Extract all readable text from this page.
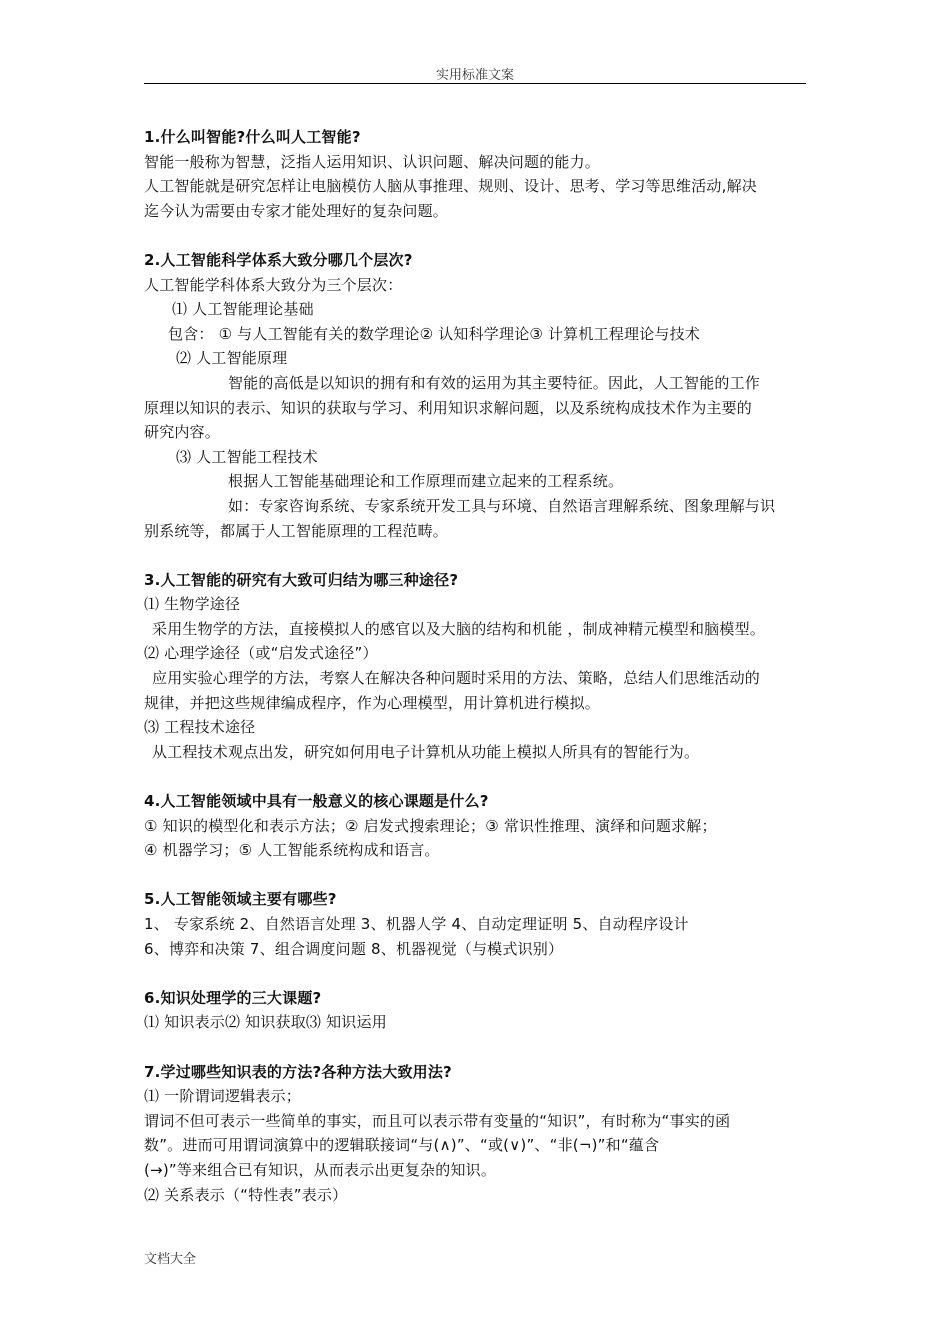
实用标准文案
1.什么叫智能?什么叫人工智能?
智能一般称为智慧，泛指人运用知识、认识问题、解决问题的能力。
人工智能就是研究怎样让电脑模仿人脑从事推理、规则、设计、思考、学习等思维活动,解决
迄今认为需要由专家才能处理好的复杂问题。
2.人工智能科学体系大致分哪几个层次?
人工智能学科体系大致分为三个层次：
⑴ 人工智能理论基础
包含： ① 与人工智能有关的数学理论② 认知科学理论③ 计算机工程理论与技术
⑵ 人工智能原理
智能的高低是以知识的拥有和有效的运用为其主要特征。因此，人工智能的工作
原理以知识的表示、知识的获取与学习、利用知识求解问题，以及系统构成技术作为主要的
研究内容。
⑶ 人工智能工程技术
根据人工智能基础理论和工作原理而建立起来的工程系统。
如：专家咨询系统、专家系统开发工具与环境、自然语言理解系统、图象理解与识
别系统等，都属于人工智能原理的工程范畴。
3.人工智能的研究有大致可归结为哪三种途径?
⑴ 生物学途径
采用生物学的方法，直接模拟人的感官以及大脑的结构和机能 ，制成神精元模型和脑模型。
⑵ 心理学途径（或“启发式途径”）
应用实验心理学的方法，考察人在解决各种问题时采用的方法、策略，总结人们思维活动的
规律，并把这些规律编成程序，作为心理模型，用计算机进行模拟。
⑶ 工程技术途径
从工程技术观点出发，研究如何用电子计算机从功能上模拟人所具有的智能行为。
4.人工智能领域中具有一般意义的核心课题是什么?
① 知识的模型化和表示方法；② 启发式搜索理论；③ 常识性推理、演绎和问题求解；
④ 机器学习；⑤ 人工智能系统构成和语言。
5.人工智能领域主要有哪些?
1、 专家系统 2、自然语言处理 3、机器人学 4、自动定理证明 5、自动程序设计
6、博弈和决策 7、组合调度问题 8、机器视觉（与模式识别）
6.知识处理学的三大课题?
⑴ 知识表示⑵ 知识获取⑶ 知识运用
7.学过哪些知识表的方法?各种方法大致用法?
⑴ 一阶谓词逻辑表示；
谓词不但可表示一些简单的事实，而且可以表示带有变量的“知识”，有时称为“事实的函
数”。进而可用谓词演算中的逻辑联接词“与(∧)”、“或(∨)”、“非(¬)”和“蕴含
(→)”等来组合已有知识，从而表示出更复杂的知识。
⑵ 关系表示（“特性表”表示）
文档大全
